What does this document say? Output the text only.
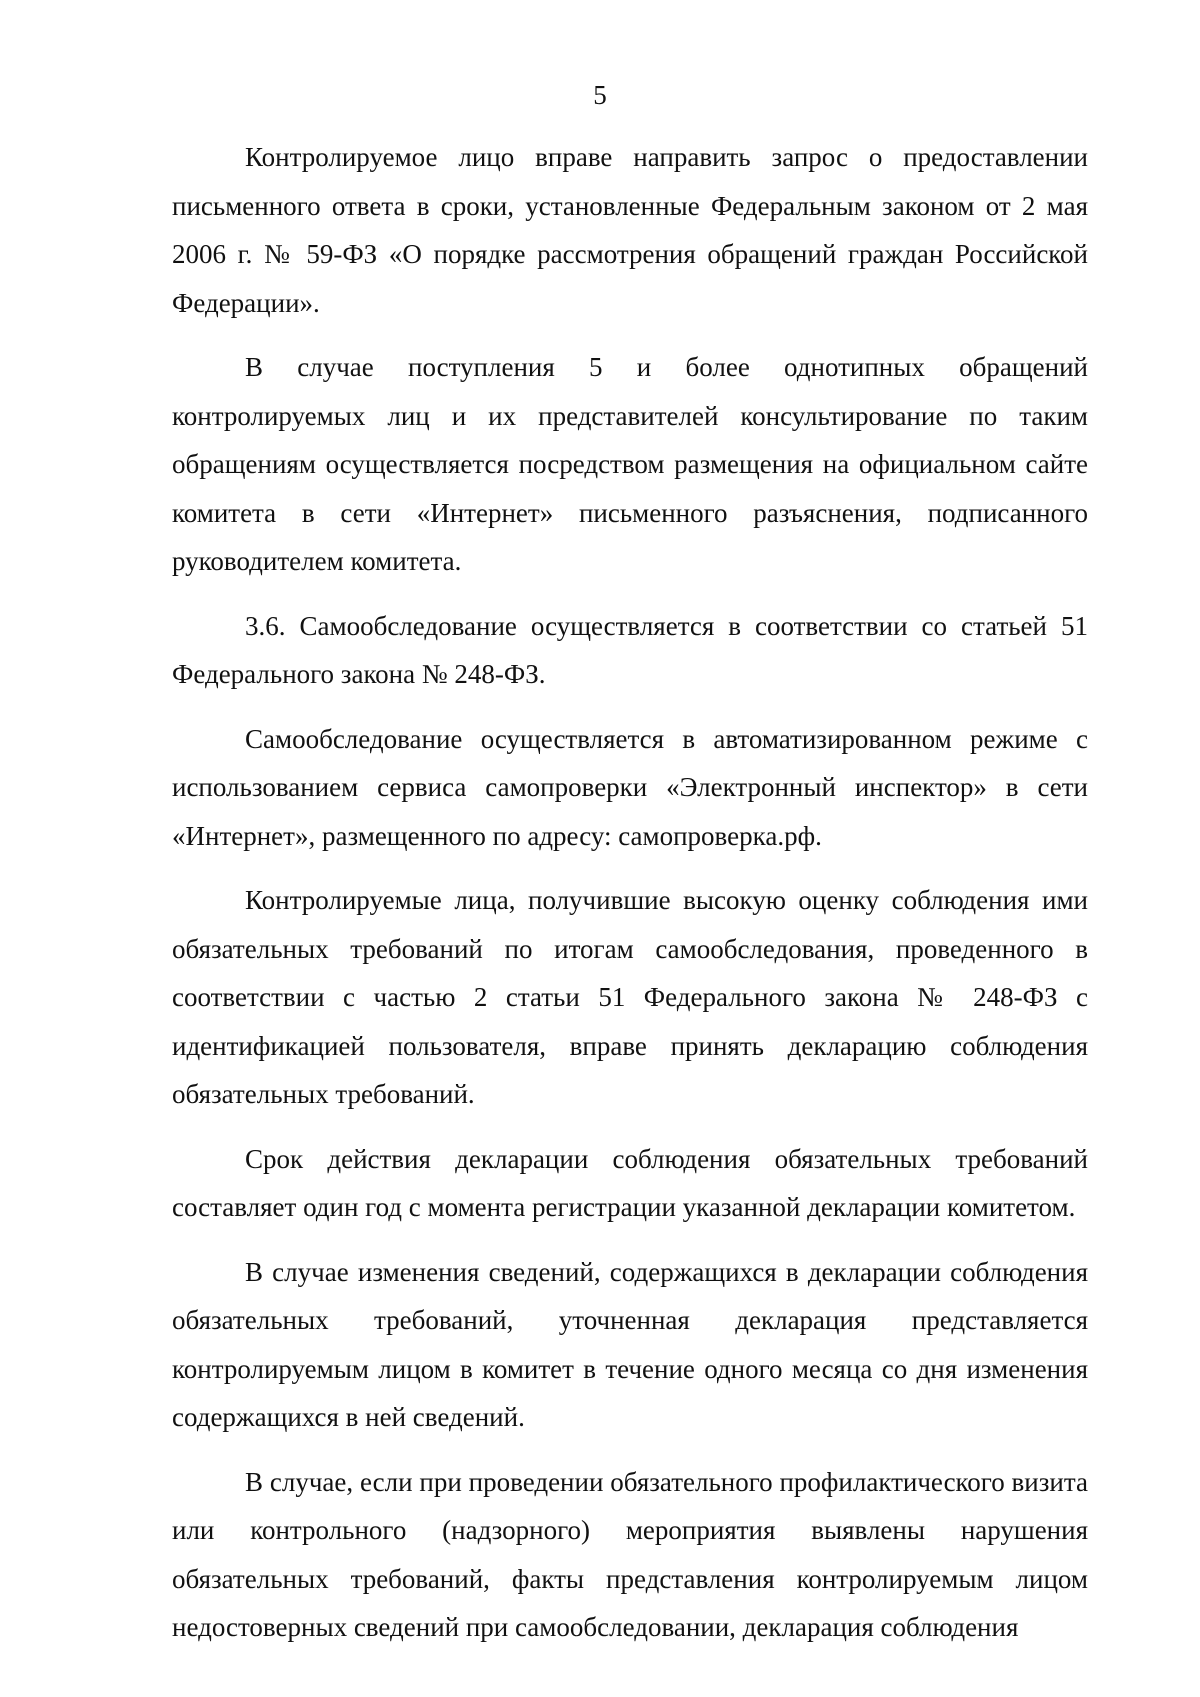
5

Контролируемое лицо вправе направить запрос о предоставлении письменного ответа в сроки, установленные Федеральным законом от 2 мая 2006 г. № 59-ФЗ «О порядке рассмотрения обращений граждан Российской Федерации».

В случае поступления 5 и более однотипных обращений контролируемых лиц и их представителей консультирование по таким обращениям осуществляется посредством размещения на официальном сайте комитета в сети «Интернет» письменного разъяснения, подписанного руководителем комитета.

3.6. Самообследование осуществляется в соответствии со статьей 51 Федерального закона № 248-ФЗ.

Самообследование осуществляется в автоматизированном режиме с использованием сервиса самопроверки «Электронный инспектор» в сети «Интернет», размещенного по адресу: самопроверка.рф.

Контролируемые лица, получившие высокую оценку соблюдения ими обязательных требований по итогам самообследования, проведенного в соответствии с частью 2 статьи 51 Федерального закона № 248-ФЗ с идентификацией пользователя, вправе принять декларацию соблюдения обязательных требований.

Срок действия декларации соблюдения обязательных требований составляет один год с момента регистрации указанной декларации комитетом.

В случае изменения сведений, содержащихся в декларации соблюдения обязательных требований, уточненная декларация представляется контролируемым лицом в комитет в течение одного месяца со дня изменения содержащихся в ней сведений.

В случае, если при проведении обязательного профилактического визита или контрольного (надзорного) мероприятия выявлены нарушения обязательных требований, факты представления контролируемым лицом недостоверных сведений при самообследовании, декларация соблюдения
